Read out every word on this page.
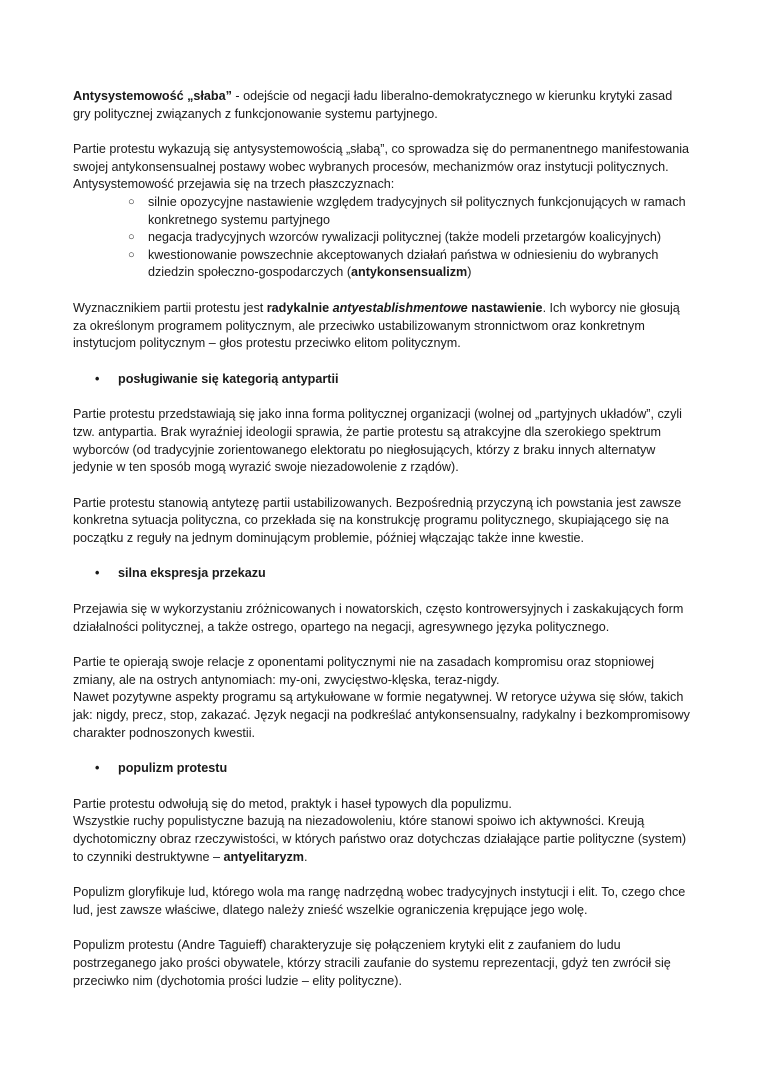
Antysystemowość „słaba” - odejście od negacji ładu liberalno-demokratycznego w kierunku krytyki zasad gry politycznej związanych z funkcjonowanie systemu partyjnego.

Partie protestu wykazują się antysystemowością „słabą”, co sprowadza się do permanentnego manifestowania swojej antykonsensualnej postawy wobec wybranych procesów, mechanizmów oraz instytucji politycznych. Antysystemowość przejawia się na trzech płaszczyznach:

○ silnie opozycyjne nastawienie względem tradycyjnych sił politycznych funkcjonujących w ramach konkretnego systemu partyjnego
○ negacja tradycyjnych wzorców rywalizacji politycznej (także modeli przetargów koalicyjnych)
○ kwestionowanie powszechnie akceptowanych działań państwa w odniesieniu do wybranych dziedzin społeczno-gospodarczych (antykonsensualizm)

Wyznacznikiem partii protestu jest radykalnie antyestablishmentowe nastawienie. Ich wyborcy nie głosują za określonym programem politycznym, ale przeciwko ustabilizowanym stronnictwom oraz konkretnym instytucjom politycznym – głos protestu przeciwko elitom politycznym.

• posługiwanie się kategorią antypartii

Partie protestu przedstawiają się jako inna forma politycznej organizacji (wolnej od „partyjnych układów”, czyli tzw. antypartia. Brak wyraźniej ideologii sprawia, że partie protestu są atrakcyjne dla szerokiego spektrum wyborców (od tradycyjnie zorientowanego elektoratu po niegłosujących, którzy z braku innych alternatyw jedynie w ten sposób mogą wyrazić swoje niezadowolenie z rządów).

Partie protestu stanowią antytezę partii ustabilizowanych. Bezpośrednią przyczyną ich powstania jest zawsze konkretna sytuacja polityczna, co przekłada się na konstrukcję programu politycznego, skupiającego się na początku z reguły na jednym dominującym problemie, później włączając także inne kwestie.

• silna ekspresja przekazu

Przejawia się w wykorzystaniu zróżnicowanych i nowatorskich, często kontrowersyjnych i zaskakujących form działalności politycznej, a także ostrego, opartego na negacji, agresywnego języka politycznego.

Partie te opierają swoje relacje z oponentami politycznymi nie na zasadach kompromisu oraz stopniowej zmiany, ale na ostrych antynomiach: my-oni, zwycięstwo-klęska, teraz-nigdy.
Nawet pozytywne aspekty programu są artykułowane w formie negatywnej. W retoryce używa się słów, takich jak: nigdy, precz, stop, zakazać. Język negacji na podkreślać antykonsensualny, radykalny i bezkompromisowy charakter podnoszonych kwestii.

• populizm protestu

Partie protestu odwołują się do metod, praktyk i haseł typowych dla populizmu.
Wszystkie ruchy populistyczne bazują na niezadowoleniu, które stanowi spoiwo ich aktywności. Kreują dychotomiczny obraz rzeczywistości, w których państwo oraz dotychczas działające partie polityczne (system) to czynniki destruktywne – antyelitaryzm.

Populizm gloryfikuje lud, którego wola ma rangę nadrzędną wobec tradycyjnych instytucji i elit. To, czego chce lud, jest zawsze właściwe, dlatego należy znieść wszelkie ograniczenia krępujące jego wolę.

Populizm protestu (Andre Taguieff) charakteryzuje się połączeniem krytyki elit z zaufaniem do ludu postrzeganego jako prości obywatele, którzy stracili zaufanie do systemu reprezentacji, gdyż ten zwrócił się przeciwko nim (dychotomia prości ludzie – elity polityczne).
